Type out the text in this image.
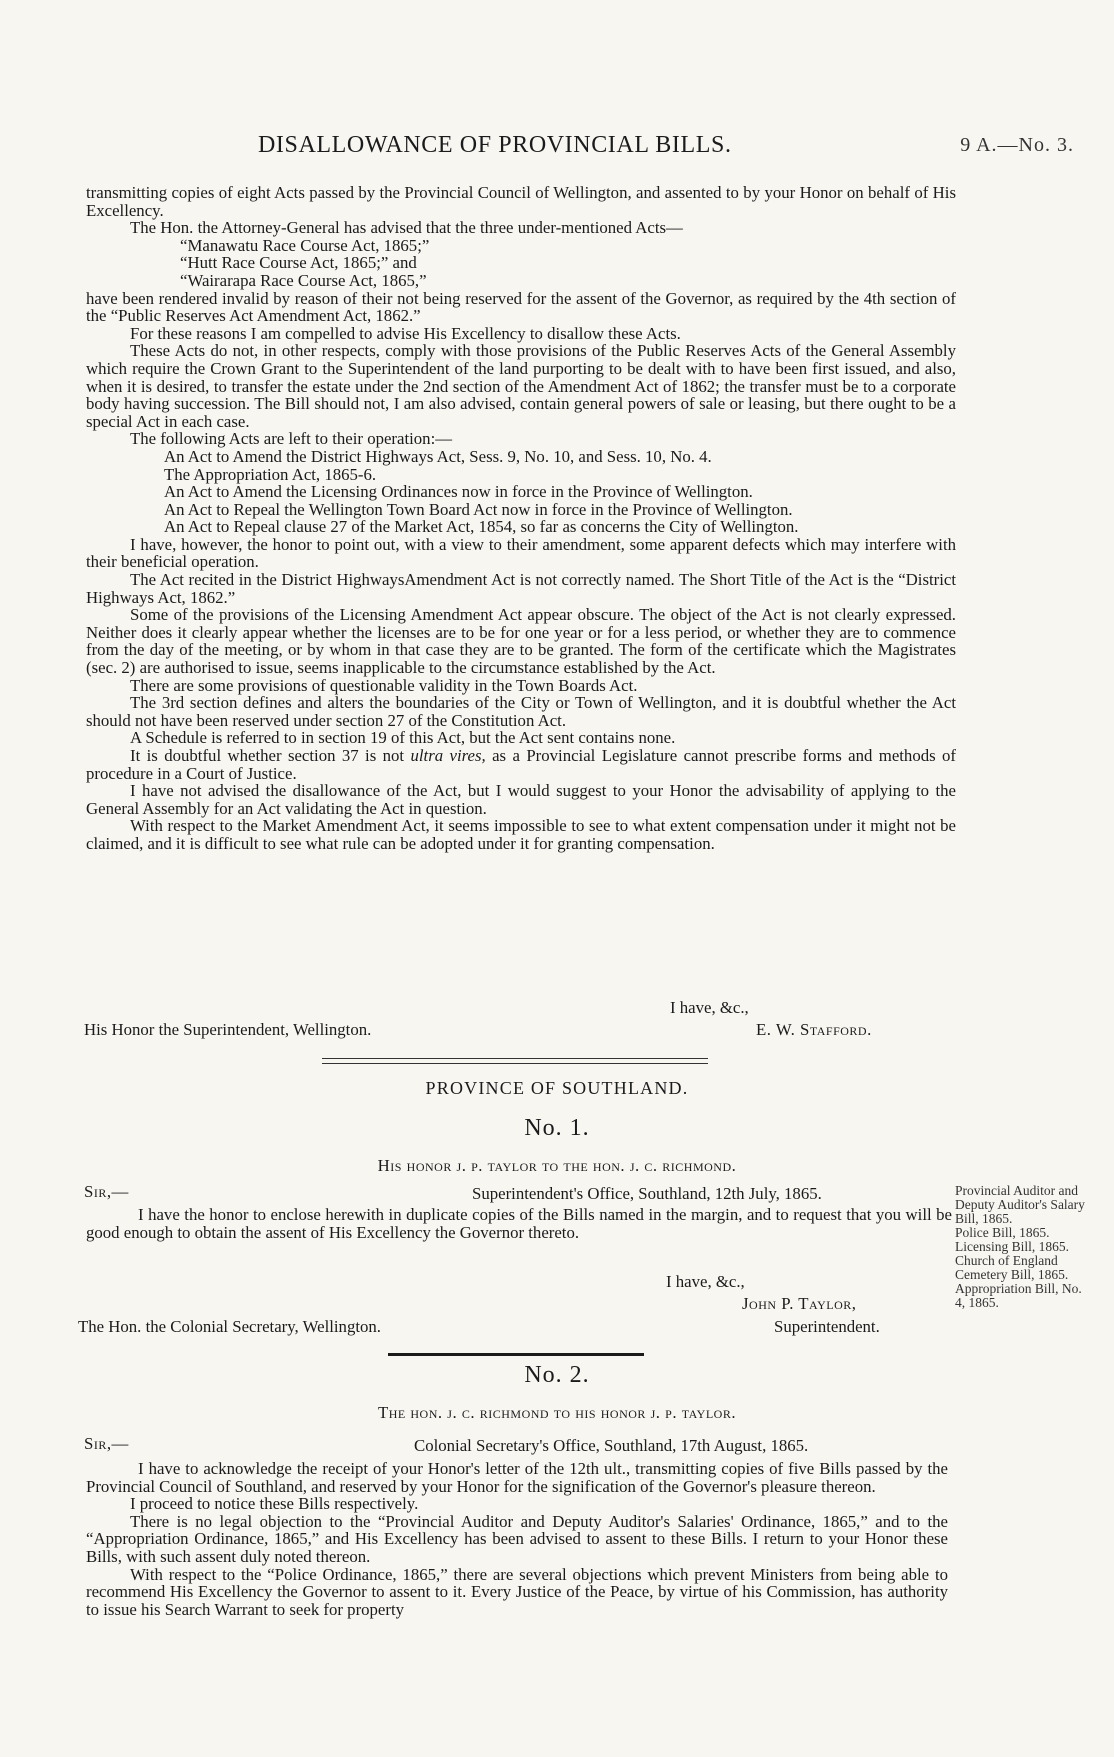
DISALLOWANCE OF PROVINCIAL BILLS.	9 A.—No. 3.

transmitting copies of eight Acts passed by the Provincial Council of Wellington, and assented to by your Honor on behalf of His Excellency.

The Hon. the Attorney-General has advised that the three under-mentioned Acts—

“Manawatu Race Course Act, 1865;”

“Hutt Race Course Act, 1865;” and

“Wairarapa Race Course Act, 1865,”

have been rendered invalid by reason of their not being reserved for the assent of the Governor, as required by the 4th section of the “Public Reserves Act Amendment Act, 1862.”

For these reasons I am compelled to advise His Excellency to disallow these Acts.

These Acts do not, in other respects, comply with those provisions of the Public Reserves Acts of the General Assembly which require the Crown Grant to the Superintendent of the land purporting to be dealt with to have been first issued, and also, when it is desired, to transfer the estate under the 2nd section of the Amendment Act of 1862; the transfer must be to a corporate body having succession. The Bill should not, I am also advised, contain general powers of sale or leasing, but there ought to be a special Act in each case.

The following Acts are left to their operation:—

An Act to Amend the District Highways Act, Sess. 9, No. 10, and Sess. 10, No. 4.

The Appropriation Act, 1865-6.

An Act to Amend the Licensing Ordinances now in force in the Province of Wellington.

An Act to Repeal the Wellington Town Board Act now in force in the Province of Wellington.

An Act to Repeal clause 27 of the Market Act, 1854, so far as concerns the City of Wellington.

I have, however, the honor to point out, with a view to their amendment, some apparent defects which may interfere with their beneficial operation.

The Act recited in the District HighwaysAmendment Act is not correctly named. The Short Title of the Act is the “District Highways Act, 1862.”

Some of the provisions of the Licensing Amendment Act appear obscure. The object of the Act is not clearly expressed. Neither does it clearly appear whether the licenses are to be for one year or for a less period, or whether they are to commence from the day of the meeting, or by whom in that case they are to be granted. The form of the certificate which the Magistrates (sec. 2) are authorised to issue, seems inapplicable to the circumstance established by the Act.

There are some provisions of questionable validity in the Town Boards Act.

The 3rd section defines and alters the boundaries of the City or Town of Wellington, and it is doubtful whether the Act should not have been reserved under section 27 of the Constitution Act.

A Schedule is referred to in section 19 of this Act, but the Act sent contains none.

It is doubtful whether section 37 is not ultra vires, as a Provincial Legislature cannot prescribe forms and methods of procedure in a Court of Justice.

I have not advised the disallowance of the Act, but I would suggest to your Honor the advisability of applying to the General Assembly for an Act validating the Act in question.

With respect to the Market Amendment Act, it seems impossible to see to what extent compensation under it might not be claimed, and it is difficult to see what rule can be adopted under it for granting compensation.

I have, &c.,
His Honor the Superintendent, Wellington.	E. W. Stafford.
PROVINCE OF SOUTHLAND.
No. 1.
His honor j. p. taylor to the hon. j. c. richmond.
Sir,—	Superintendent's Office, Southland, 12th July, 1865.

I have the honor to enclose herewith in duplicate copies of the Bills named in the margin, and to request that you will be good enough to obtain the assent of His Excellency the Governor thereto.

I have, &c.,
John P. Taylor,
The Hon. the Colonial Secretary, Wellington.	Superintendent.
Provincial Auditor and Deputy Auditor's Salary Bill, 1865.
Police Bill, 1865.
Licensing Bill, 1865.
Church of England Cemetery Bill, 1865.
Appropriation Bill, No. 4, 1865.
No. 2.
The hon. j. c. richmond to his honor j. p. taylor.
Sir,—	Colonial Secretary's Office, Southland, 17th August, 1865.

I have to acknowledge the receipt of your Honor's letter of the 12th ult., transmitting copies of five Bills passed by the Provincial Council of Southland, and reserved by your Honor for the signification of the Governor's pleasure thereon.

I proceed to notice these Bills respectively.

There is no legal objection to the “Provincial Auditor and Deputy Auditor's Salaries' Ordinance, 1865,” and to the “Appropriation Ordinance, 1865,” and His Excellency has been advised to assent to these Bills. I return to your Honor these Bills, with such assent duly noted thereon.

With respect to the “Police Ordinance, 1865,” there are several objections which prevent Ministers from being able to recommend His Excellency the Governor to assent to it. Every Justice of the Peace, by virtue of his Commission, has authority to issue his Search Warrant to seek for property
